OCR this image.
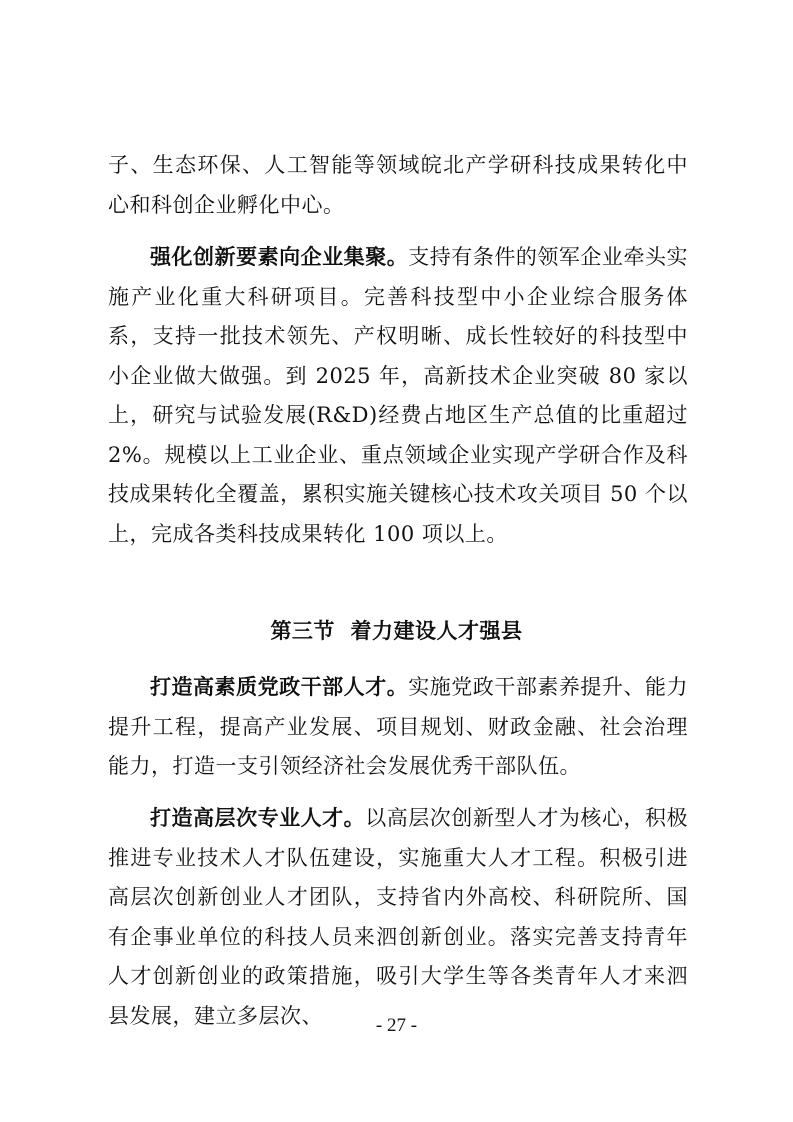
子、生态环保、人工智能等领域皖北产学研科技成果转化中心和科创企业孵化中心。

强化创新要素向企业集聚。支持有条件的领军企业牵头实施产业化重大科研项目。完善科技型中小企业综合服务体系，支持一批技术领先、产权明晰、成长性较好的科技型中小企业做大做强。到 2025 年，高新技术企业突破 80 家以上，研究与试验发展(R&D)经费占地区生产总值的比重超过 2%。规模以上工业企业、重点领域企业实现产学研合作及科技成果转化全覆盖，累积实施关键核心技术攻关项目 50 个以上，完成各类科技成果转化 100 项以上。

第三节  着力建设人才强县

打造高素质党政干部人才。实施党政干部素养提升、能力提升工程，提高产业发展、项目规划、财政金融、社会治理能力，打造一支引领经济社会发展优秀干部队伍。

打造高层次专业人才。以高层次创新型人才为核心，积极推进专业技术人才队伍建设，实施重大人才工程。积极引进高层次创新创业人才团队，支持省内外高校、科研院所、国有企事业单位的科技人员来泗创新创业。落实完善支持青年人才创新创业的政策措施，吸引大学生等各类青年人才来泗县发展，建立多层次、	- 27 -
